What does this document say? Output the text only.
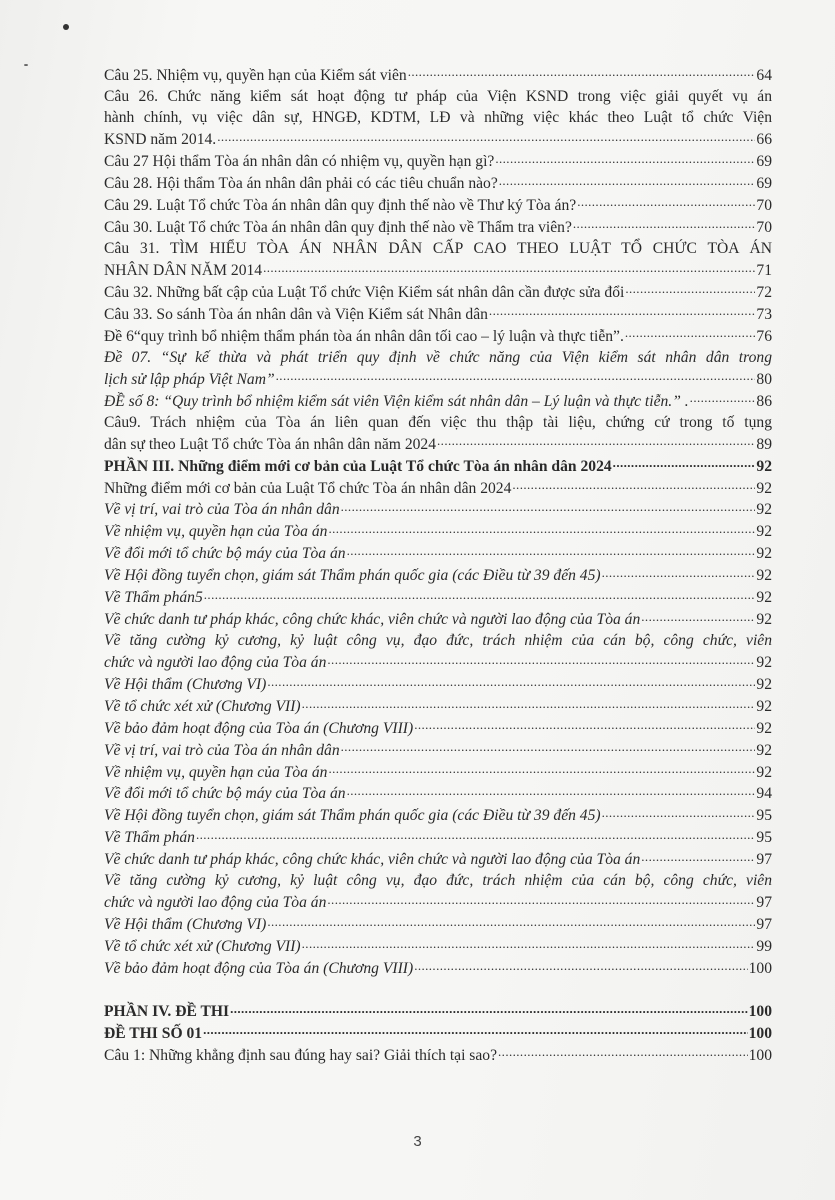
Câu 25. Nhiệm vụ, quyền hạn của Kiểm sát viên .....	64
Câu 26. Chức năng kiểm sát hoạt động tư pháp của Viện KSND trong việc giải quyết vụ án
hành chính, vụ việc dân sự, HNGĐ, KDTM, LĐ và những việc khác theo Luật tổ chức Viện
KSND năm 2014. .....	66
Câu 27 Hội thẩm Tòa án nhân dân có nhiệm vụ, quyền hạn gì? .....	69
Câu 28. Hội thẩm Tòa án nhân dân phải có các tiêu chuẩn nào? .....	69
Câu 29. Luật Tổ chức Tòa án nhân dân quy định thế nào về Thư ký Tòa án? .....	70
Câu 30. Luật Tổ chức Tòa án nhân dân quy định thế nào về Thẩm tra viên? .....	70
Câu 31. TÌM HIỂU TÒA ÁN NHÂN DÂN CẤP CAO THEO LUẬT TỔ CHỨC TÒA ÁN
NHÂN DÂN NĂM 2014 .....	71
Câu 32. Những bất cập của Luật Tổ chức Viện Kiểm sát nhân dân cần được sửa đổi .....	72
Câu 33. So sánh Tòa án nhân dân và Viện Kiểm sát Nhân dân .....	73
Đề 6“quy trình bổ nhiệm thẩm phán tòa án nhân dân tối cao – lý luận và thực tiễn”. .....	76
Đề 07. “Sự kế thừa và phát triển quy định về chức năng của Viện kiểm sát nhân dân trong
lịch sử lập pháp Việt Nam” .....	80
ĐỀ số 8: “Quy trình bổ nhiệm kiểm sát viên Viện kiểm sát nhân dân – Lý luận và thực tiễn.” . .....	86
Câu9. Trách nhiệm của Tòa án liên quan đến việc thu thập tài liệu, chứng cứ trong tố tụng
dân sự theo Luật Tổ chức Tòa án nhân dân năm 2024 .....	89
PHẦN III. Những điểm mới cơ bản của Luật Tổ chức Tòa án nhân dân 2024 .....	92
Những điểm mới cơ bản của Luật Tổ chức Tòa án nhân dân 2024 .....	92
Về vị trí, vai trò của Tòa án nhân dân .....	92
Về nhiệm vụ, quyền hạn của Tòa án .....	92
Về đổi mới tổ chức bộ máy của Tòa án .....	92
Về Hội đồng tuyển chọn, giám sát Thẩm phán quốc gia (các Điều từ 39 đến 45) .....	92
Về Thẩm phán5 .....	92
Về chức danh tư pháp khác, công chức khác, viên chức và người lao động của Tòa án .....	92
Về tăng cường kỷ cương, kỷ luật công vụ, đạo đức, trách nhiệm của cán bộ, công chức, viên
chức và người lao động của Tòa án .....	92
Về Hội thẩm (Chương VI) .....	92
Về tổ chức xét xử (Chương VII) .....	92
Về bảo đảm hoạt động của Tòa án (Chương VIII) .....	92
Về vị trí, vai trò của Tòa án nhân dân .....	92
Về nhiệm vụ, quyền hạn của Tòa án .....	92
Về đổi mới tổ chức bộ máy của Tòa án .....	94
Về Hội đồng tuyển chọn, giám sát Thẩm phán quốc gia (các Điều từ 39 đến 45) .....	95
Về Thẩm phán .....	95
Về chức danh tư pháp khác, công chức khác, viên chức và người lao động của Tòa án .....	97
Về tăng cường kỷ cương, kỷ luật công vụ, đạo đức, trách nhiệm của cán bộ, công chức, viên
chức và người lao động của Tòa án .....	97
Về Hội thẩm (Chương VI) .....	97
Về tổ chức xét xử (Chương VII) .....	99
Về bảo đảm hoạt động của Tòa án (Chương VIII) .....	100
PHẦN IV. ĐỀ THI .....	100
ĐỀ THI SỐ 01 .....	100
Câu 1: Những khẳng định sau đúng hay sai? Giải thích tại sao? .....	100
3
